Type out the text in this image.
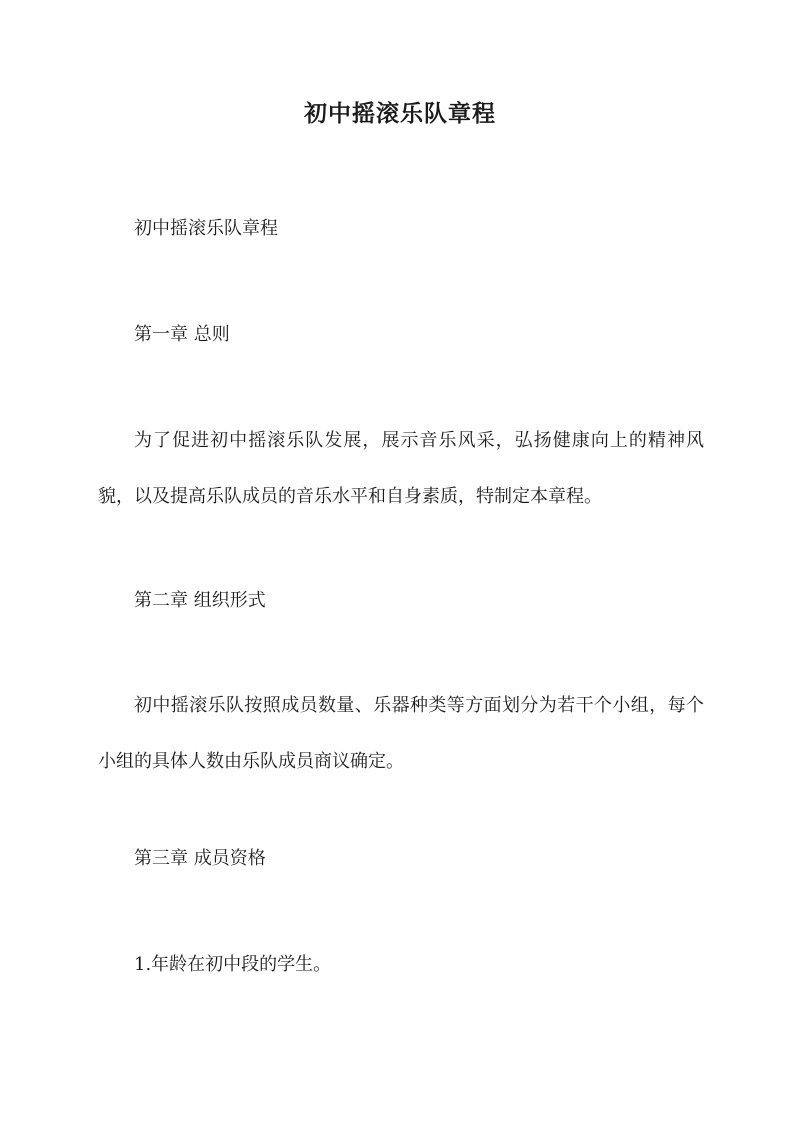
初中摇滚乐队章程

初中摇滚乐队章程

第一章 总则

为了促进初中摇滚乐队发展，展示音乐风采，弘扬健康向上的精神风貌，以及提高乐队成员的音乐水平和自身素质，特制定本章程。

第二章 组织形式

初中摇滚乐队按照成员数量、乐器种类等方面划分为若干个小组，每个小组的具体人数由乐队成员商议确定。

第三章 成员资格

1.年龄在初中段的学生。
